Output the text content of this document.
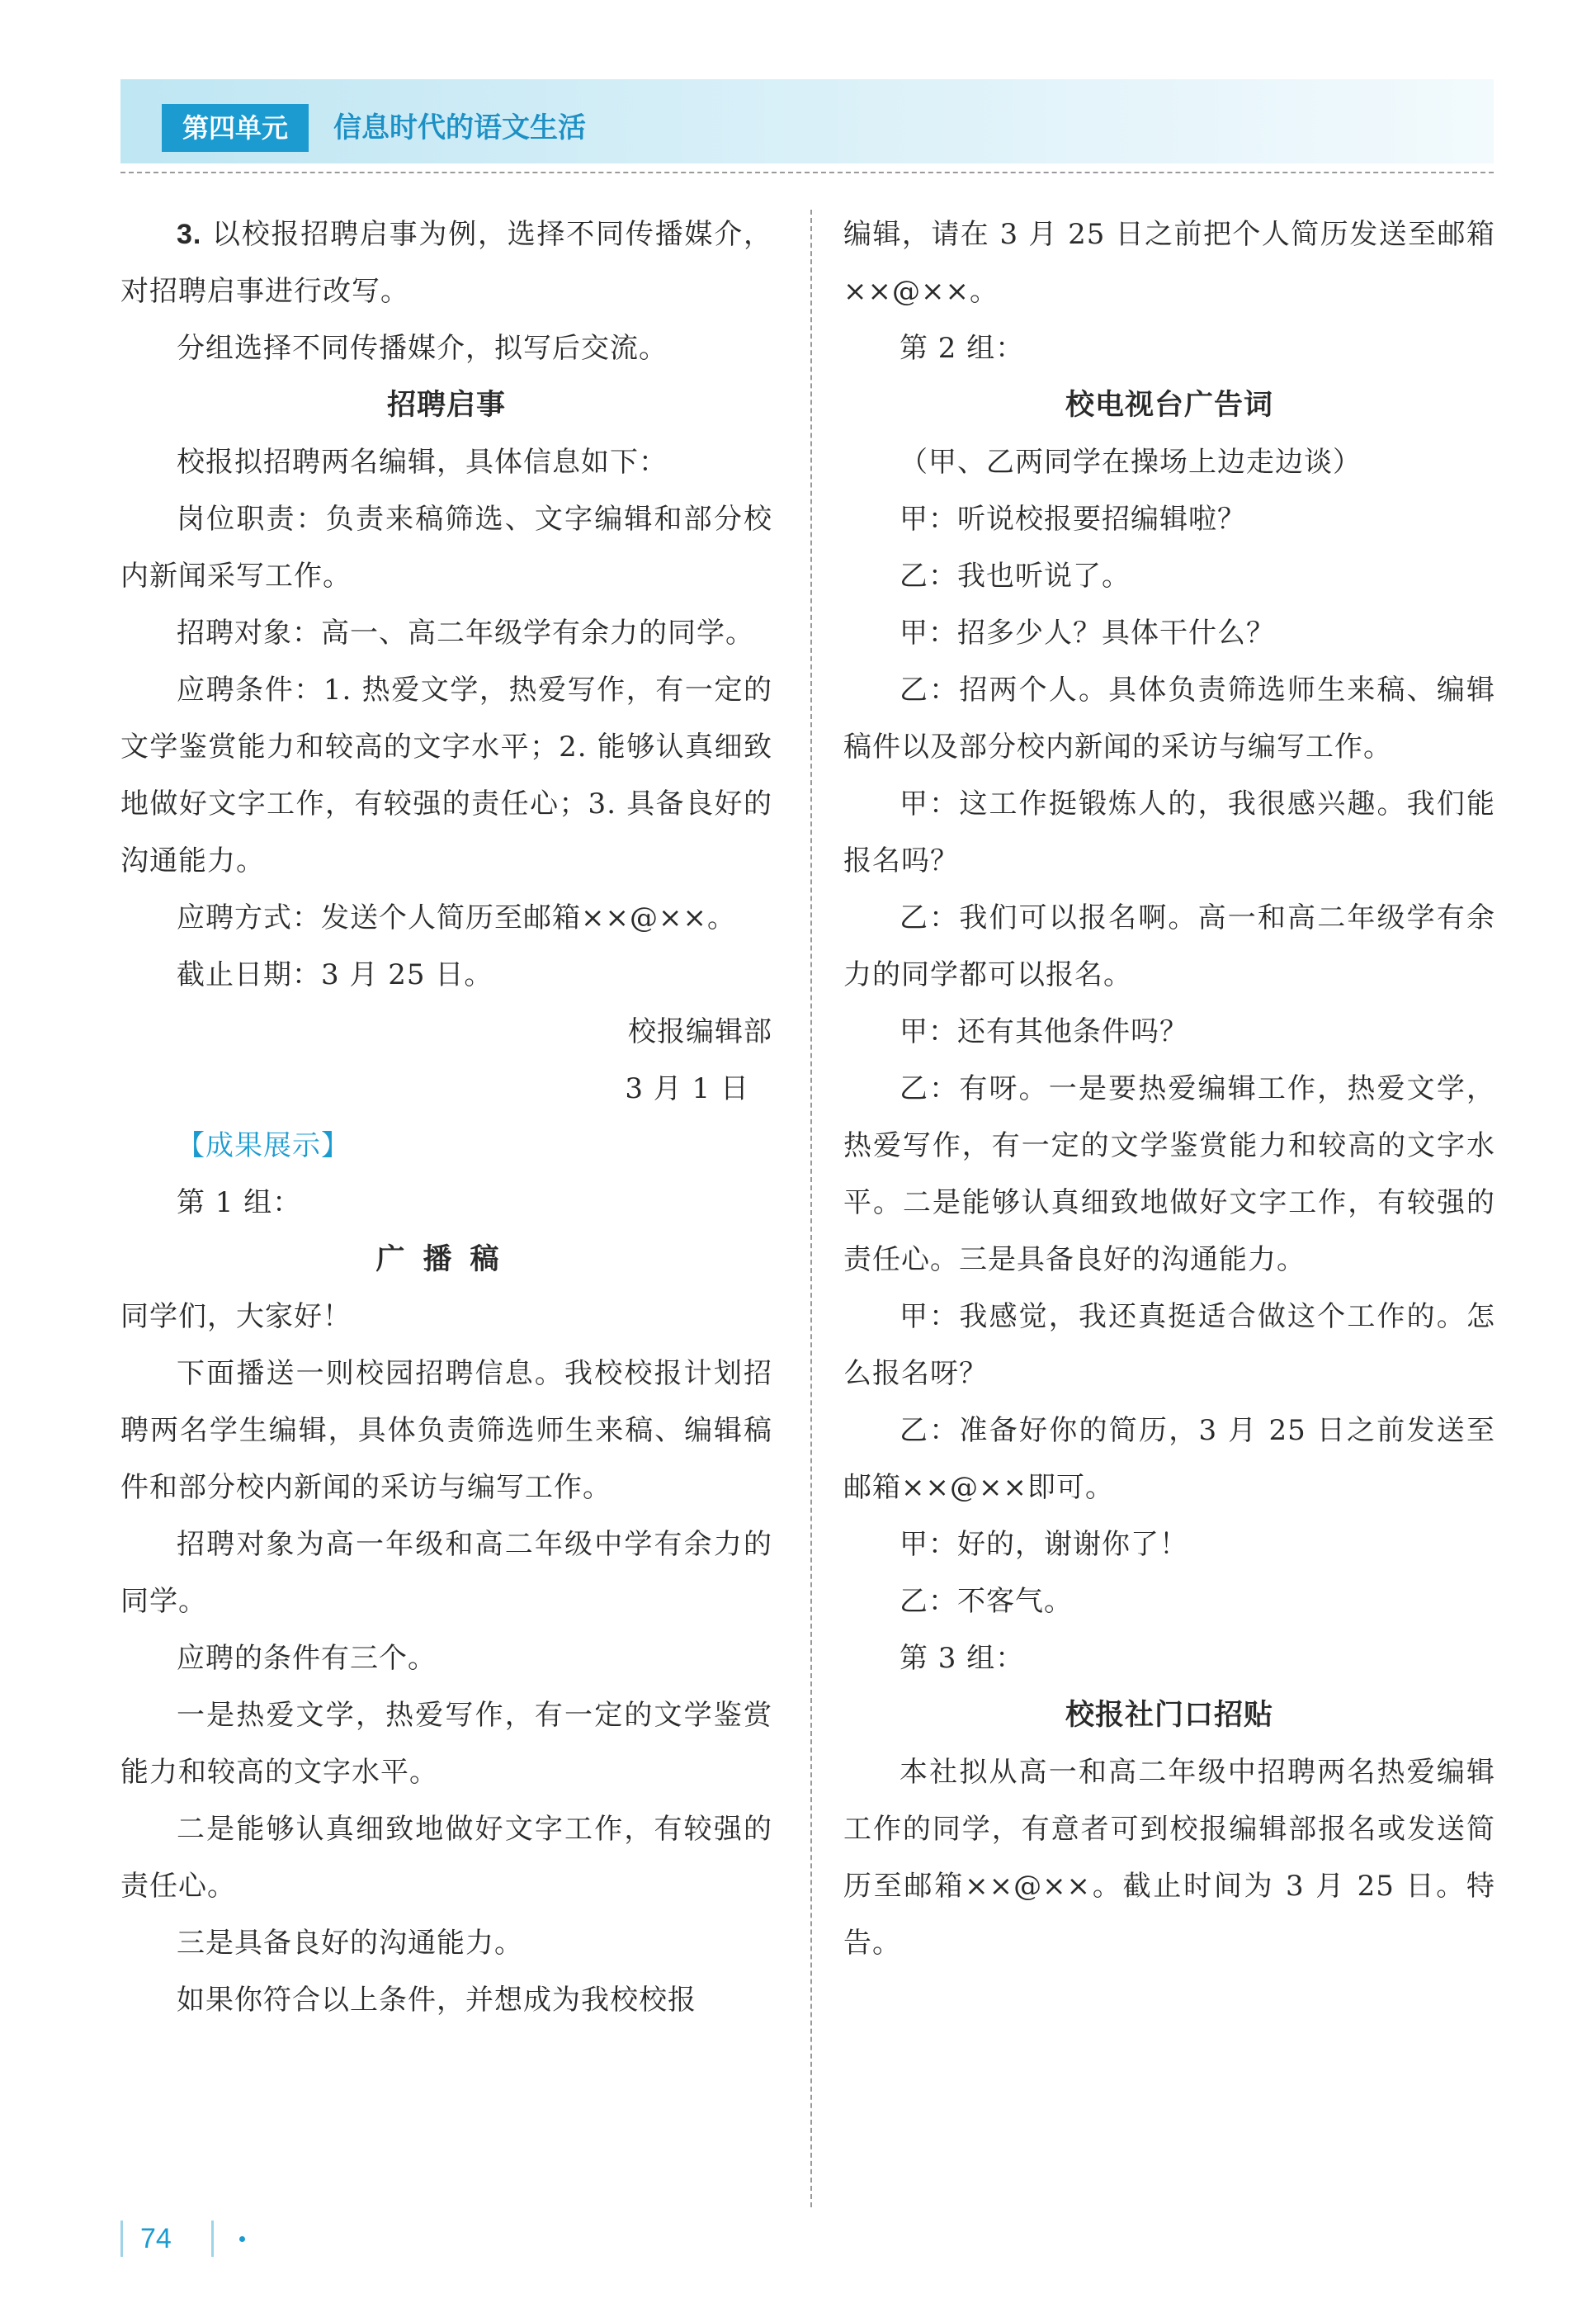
第四单元	信息时代的语文生活

3. 以校报招聘启事为例，选择不同传播媒介，对招聘启事进行改写。

分组选择不同传播媒介，拟写后交流。

招聘启事

校报拟招聘两名编辑，具体信息如下：

岗位职责：负责来稿筛选、文字编辑和部分校内新闻采写工作。

招聘对象：高一、高二年级学有余力的同学。

应聘条件：1. 热爱文学，热爱写作，有一定的文学鉴赏能力和较高的文字水平；2. 能够认真细致地做好文字工作，有较强的责任心；3. 具备良好的沟通能力。

应聘方式：发送个人简历至邮箱××@××。

截止日期：3 月 25 日。

校报编辑部

3 月 1 日

【成果展示】

第 1 组：

广播稿

同学们，大家好！

下面播送一则校园招聘信息。我校校报计划招聘两名学生编辑，具体负责筛选师生来稿、编辑稿件和部分校内新闻的采访与编写工作。

招聘对象为高一年级和高二年级中学有余力的同学。

应聘的条件有三个。

一是热爱文学，热爱写作，有一定的文学鉴赏能力和较高的文字水平。

二是能够认真细致地做好文字工作，有较强的责任心。

三是具备良好的沟通能力。

如果你符合以上条件，并想成为我校校报

编辑，请在 3 月 25 日之前把个人简历发送至邮箱××@××。

第 2 组：

校电视台广告词

（甲、乙两同学在操场上边走边谈）

甲：听说校报要招编辑啦？

乙：我也听说了。

甲：招多少人？具体干什么？

乙：招两个人。具体负责筛选师生来稿、编辑稿件以及部分校内新闻的采访与编写工作。

甲：这工作挺锻炼人的，我很感兴趣。我们能报名吗？

乙：我们可以报名啊。高一和高二年级学有余力的同学都可以报名。

甲：还有其他条件吗？

乙：有呀。一是要热爱编辑工作，热爱文学，热爱写作，有一定的文学鉴赏能力和较高的文字水平。二是能够认真细致地做好文字工作，有较强的责任心。三是具备良好的沟通能力。

甲：我感觉，我还真挺适合做这个工作的。怎么报名呀？

乙：准备好你的简历，3 月 25 日之前发送至邮箱××@××即可。

甲：好的，谢谢你了！

乙：不客气。

第 3 组：

校报社门口招贴

本社拟从高一和高二年级中招聘两名热爱编辑工作的同学，有意者可到校报编辑部报名或发送简历至邮箱××@××。截止时间为 3 月 25 日。特告。

74
